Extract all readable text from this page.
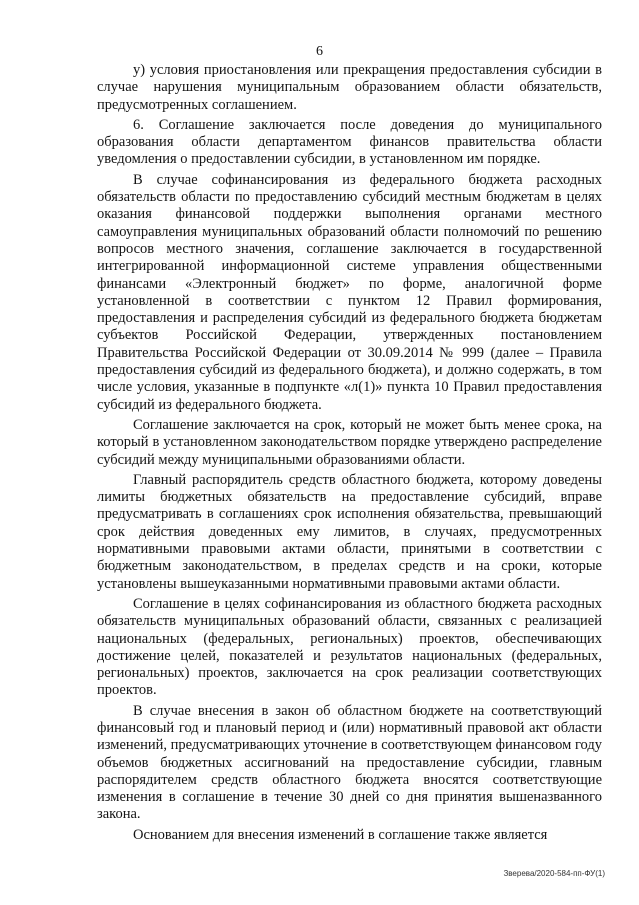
6

у) условия приостановления или прекращения предоставления субсидии в случае нарушения муниципальным образованием области обязательств, предусмотренных соглашением.

6. Соглашение заключается после доведения до муниципального образования области департаментом финансов правительства области уведомления о предоставлении субсидии, в установленном им порядке.

В случае софинансирования из федерального бюджета расходных обязательств области по предоставлению субсидий местным бюджетам в целях оказания финансовой поддержки выполнения органами местного самоуправления муниципальных образований области полномочий по решению вопросов местного значения, соглашение заключается в государственной интегрированной информационной системе управления общественными финансами «Электронный бюджет» по форме, аналогичной форме установленной в соответствии с пунктом 12 Правил формирования, предоставления и распределения субсидий из федерального бюджета бюджетам субъектов Российской Федерации, утвержденных постановлением Правительства Российской Федерации от 30.09.2014 № 999 (далее – Правила предоставления субсидий из федерального бюджета), и должно содержать, в том числе условия, указанные в подпункте «л(1)» пункта 10 Правил предоставления субсидий из федерального бюджета.

Соглашение заключается на срок, который не может быть менее срока, на который в установленном законодательством порядке утверждено распределение субсидий между муниципальными образованиями области.

Главный распорядитель средств областного бюджета, которому доведены лимиты бюджетных обязательств на предоставление субсидий, вправе предусматривать в соглашениях срок исполнения обязательства, превышающий срок действия доведенных ему лимитов, в случаях, предусмотренных нормативными правовыми актами области, принятыми в соответствии с бюджетным законодательством, в пределах средств и на сроки, которые установлены вышеуказанными нормативными правовыми актами области.

Соглашение в целях софинансирования из областного бюджета расходных обязательств муниципальных образований области, связанных с реализацией национальных (федеральных, региональных) проектов, обеспечивающих достижение целей, показателей и результатов национальных (федеральных, региональных) проектов, заключается на срок реализации соответствующих проектов.

В случае внесения в закон об областном бюджете на соответствующий финансовый год и плановый период и (или) нормативный правовой акт области изменений, предусматривающих уточнение в соответствующем финансовом году объемов бюджетных ассигнований на предоставление субсидии, главным распорядителем средств областного бюджета вносятся соответствующие изменения в соглашение в течение 30 дней со дня принятия вышеназванного закона.

Основанием для внесения изменений в соглашение также является

Зверева/2020-584-пп-ФУ(1)
